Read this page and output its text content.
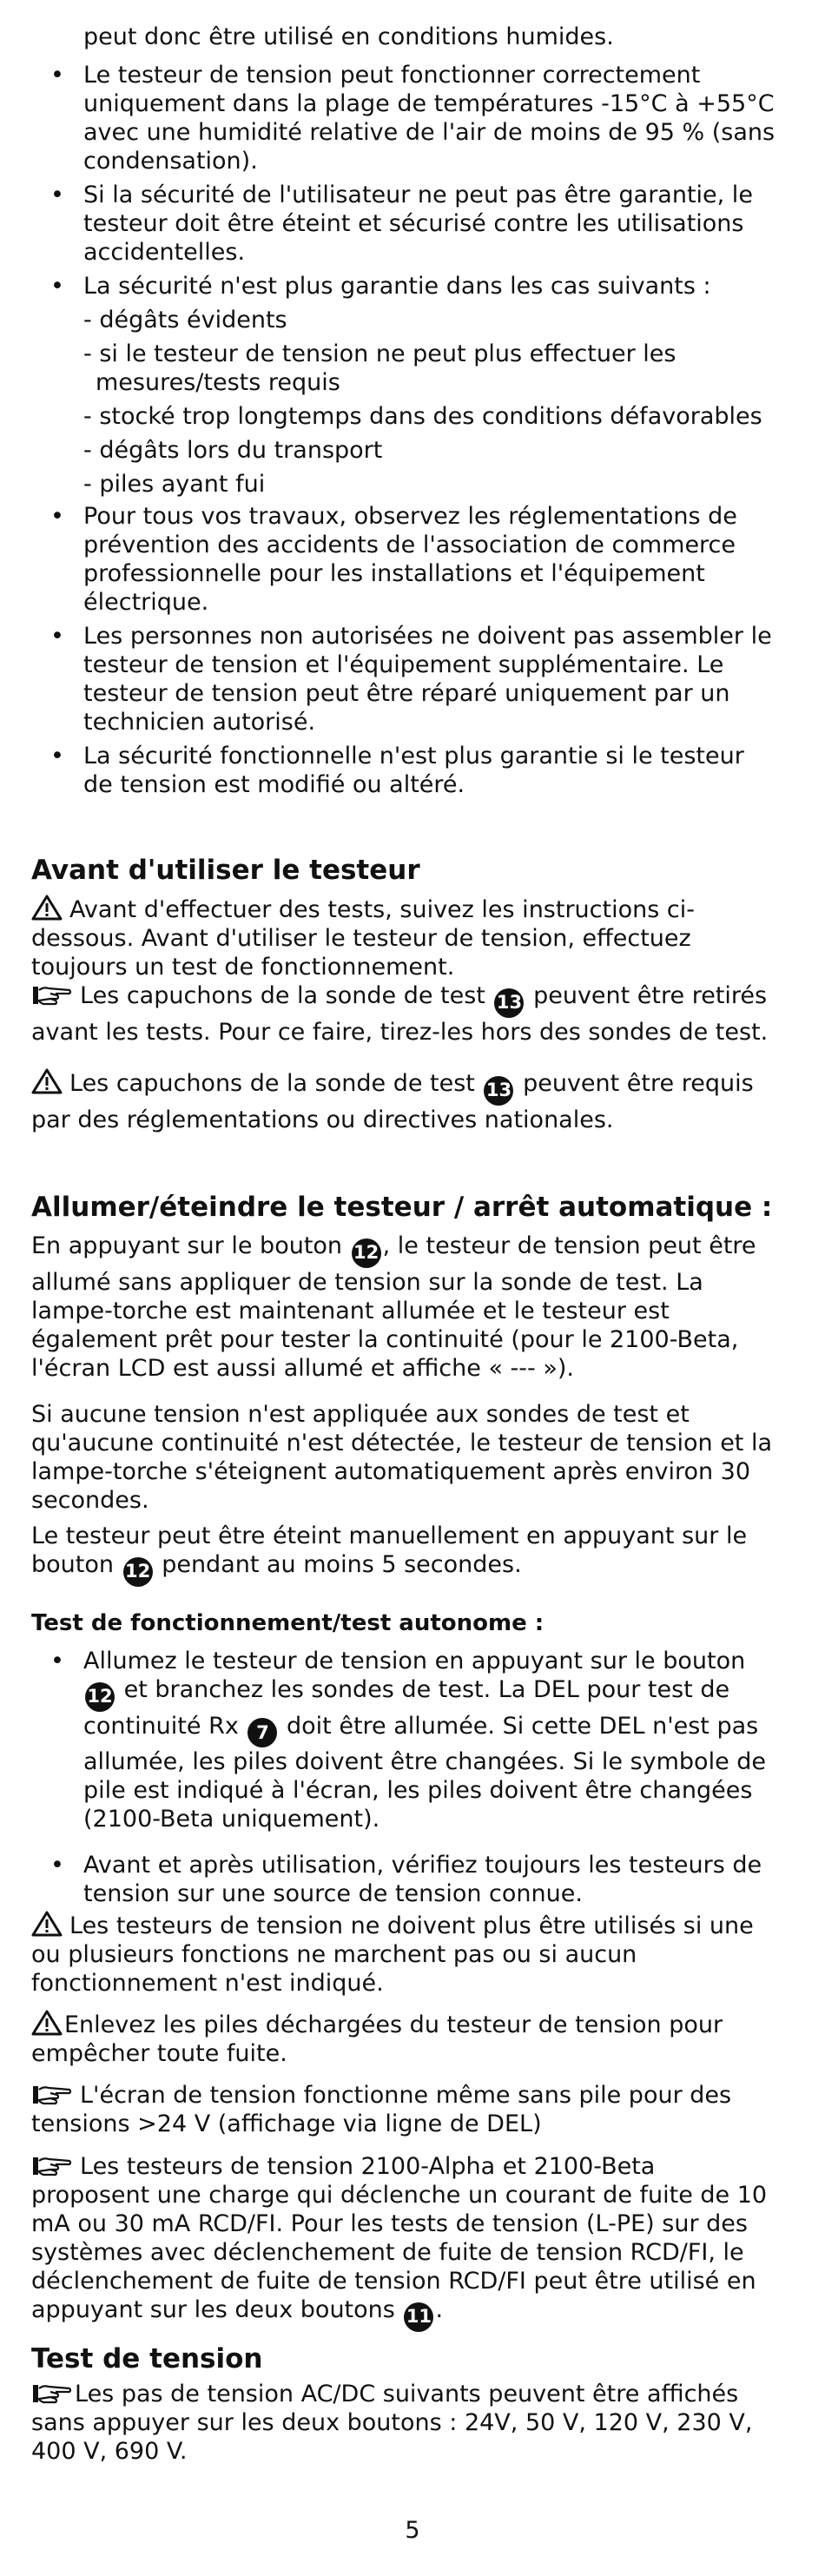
peut donc être utilisé en conditions humides.

• Le testeur de tension peut fonctionner correctement uniquement dans la plage de températures -15°C à +55°C avec une humidité relative de l'air de moins de 95 % (sans condensation).
• Si la sécurité de l'utilisateur ne peut pas être garantie, le testeur doit être éteint et sécurisé contre les utilisations accidentelles.
• La sécurité n'est plus garantie dans les cas suivants :
- dégâts évidents
- si le testeur de tension ne peut plus effectuer les mesures/tests requis
- stocké trop longtemps dans des conditions défavorables
- dégâts lors du transport
- piles ayant fui
• Pour tous vos travaux, observez les réglementations de prévention des accidents de l'association de commerce professionnelle pour les installations et l'équipement électrique.
• Les personnes non autorisées ne doivent pas assembler le testeur de tension et l'équipement supplémentaire. Le testeur de tension peut être réparé uniquement par un technicien autorisé.
• La sécurité fonctionnelle n'est plus garantie si le testeur de tension est modifié ou altéré.
Avant d'utiliser le testeur

Avant d'effectuer des tests, suivez les instructions ci-dessous. Avant d'utiliser le testeur de tension, effectuez toujours un test de fonctionnement.

Les capuchons de la sonde de test 13 peuvent être retirés avant les tests. Pour ce faire, tirez-les hors des sondes de test.

Les capuchons de la sonde de test 13 peuvent être requis par des réglementations ou directives nationales.

Allumer/éteindre le testeur / arrêt automatique :

En appuyant sur le bouton 12 , le testeur de tension peut être allumé sans appliquer de tension sur la sonde de test. La lampe-torche est maintenant allumée et le testeur est également prêt pour tester la continuité (pour le 2100-Beta, l'écran LCD est aussi allumé et affiche « --- »).

Si aucune tension n'est appliquée aux sondes de test et qu'aucune continuité n'est détectée, le testeur de tension et la lampe-torche s'éteignent automatiquement après environ 30 secondes.

Le testeur peut être éteint manuellement en appuyant sur le bouton 12 pendant au moins 5 secondes.

Test de fonctionnement/test autonome :
• Allumez le testeur de tension en appuyant sur le bouton 12 et branchez les sondes de test. La DEL pour test de continuité Rx 7 doit être allumée. Si cette DEL n'est pas allumée, les piles doivent être changées. Si le symbole de pile est indiqué à l'écran, les piles doivent être changées (2100-Beta uniquement).
• Avant et après utilisation, vérifiez toujours les testeurs de tension sur une source de tension connue.

Les testeurs de tension ne doivent plus être utilisés si une ou plusieurs fonctions ne marchent pas ou si aucun fonctionnement n'est indiqué.

Enlevez les piles déchargées du testeur de tension pour empêcher toute fuite.

L'écran de tension fonctionne même sans pile pour des tensions >24 V (affichage via ligne de DEL)

Les testeurs de tension 2100-Alpha et 2100-Beta proposent une charge qui déclenche un courant de fuite de 10 mA ou 30 mA RCD/FI. Pour les tests de tension (L-PE) sur des systèmes avec déclenchement de fuite de tension RCD/FI, le déclenchement de fuite de tension RCD/FI peut être utilisé en appuyant sur les deux boutons 11 .

Test de tension

Les pas de tension AC/DC suivants peuvent être affichés sans appuyer sur les deux boutons : 24V, 50 V, 120 V, 230 V, 400 V, 690 V.

5
